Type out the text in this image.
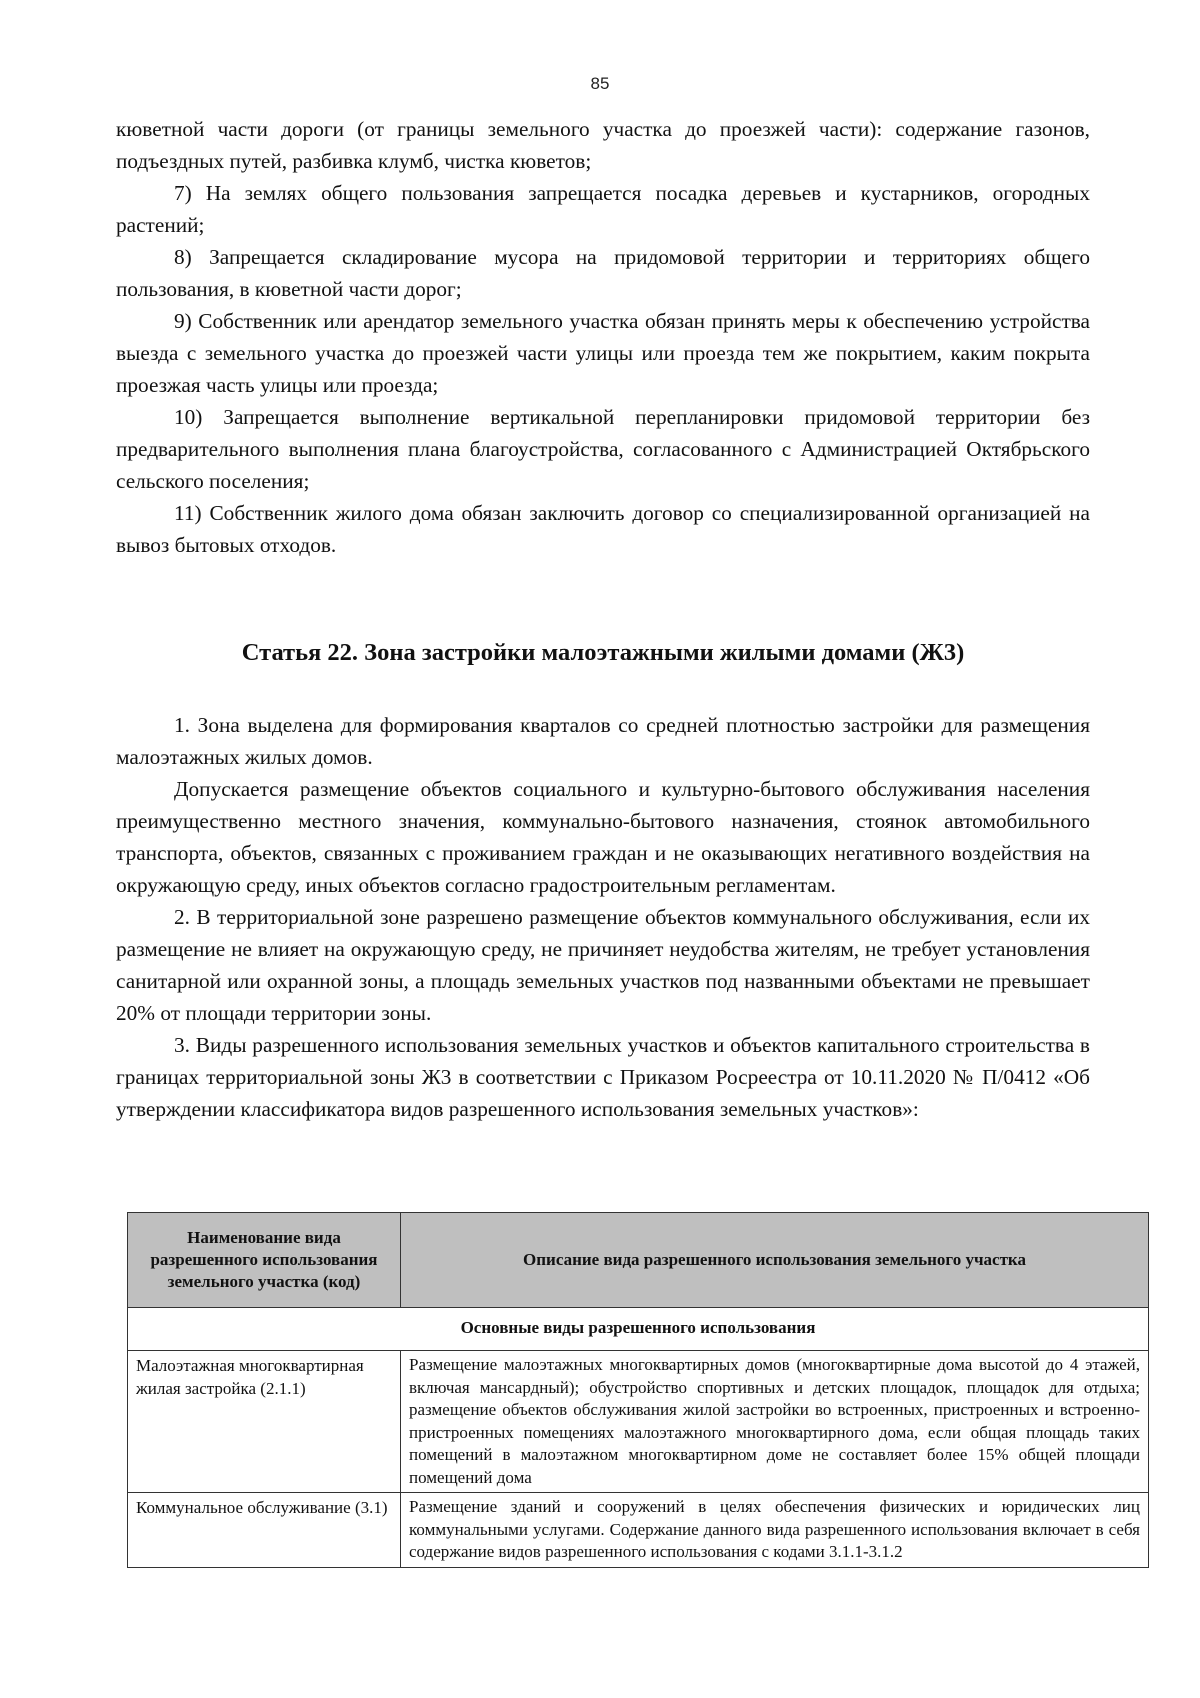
85

кюветной части дороги (от границы земельного участка до проезжей части): содержание газонов, подъездных путей, разбивка клумб, чистка кюветов;

7) На землях общего пользования запрещается посадка деревьев и кустарников, огородных растений;

8) Запрещается складирование мусора на придомовой территории и территориях общего пользования, в кюветной части дорог;

9) Собственник или арендатор земельного участка обязан принять меры к обеспечению устройства выезда с земельного участка до проезжей части улицы или проезда тем же покрытием, каким покрыта проезжая часть улицы или проезда;

10) Запрещается выполнение вертикальной перепланировки придомовой территории без предварительного выполнения плана благоустройства, согласованного с Администрацией Октябрьского сельского поселения;

11) Собственник жилого дома обязан заключить договор со специализированной организацией на вывоз бытовых отходов.

Статья 22. Зона застройки малоэтажными жилыми домами (Ж3)

1. Зона выделена для формирования кварталов со средней плотностью застройки для размещения малоэтажных жилых домов.

Допускается размещение объектов социального и культурно-бытового обслуживания населения преимущественно местного значения, коммунально-бытового назначения, стоянок автомобильного транспорта, объектов, связанных с проживанием граждан и не оказывающих негативного воздействия на окружающую среду, иных объектов согласно градостроительным регламентам.

2. В территориальной зоне разрешено размещение объектов коммунального обслуживания, если их размещение не влияет на окружающую среду, не причиняет неудобства жителям, не требует установления санитарной или охранной зоны, а площадь земельных участков под названными объектами не превышает 20% от площади территории зоны.

3. Виды разрешенного использования земельных участков и объектов капитального строительства в границах территориальной зоны Ж3 в соответствии с Приказом Росреестра от 10.11.2020 № П/0412 «Об утверждении классификатора видов разрешенного использования земельных участков»:

Наименование вида разрешенного использования земельного участка (код)	Описание вида разрешенного использования земельного участка
Основные виды разрешенного использования	
Малоэтажная многоквартирная жилая застройка (2.1.1)	Размещение малоэтажных многоквартирных домов (многоквартирные дома высотой до 4 этажей, включая мансардный); обустройство спортивных и детских площадок, площадок для отдыха; размещение объектов обслуживания жилой застройки во встроенных, пристроенных и встроенно-пристроенных помещениях малоэтажного многоквартирного дома, если общая площадь таких помещений в малоэтажном многоквартирном доме не составляет более 15% общей площади помещений дома
Коммунальное обслуживание (3.1)	Размещение зданий и сооружений в целях обеспечения физических и юридических лиц коммунальными услугами. Содержание данного вида разрешенного использования включает в себя содержание видов разрешенного использования с кодами 3.1.1-3.1.2
